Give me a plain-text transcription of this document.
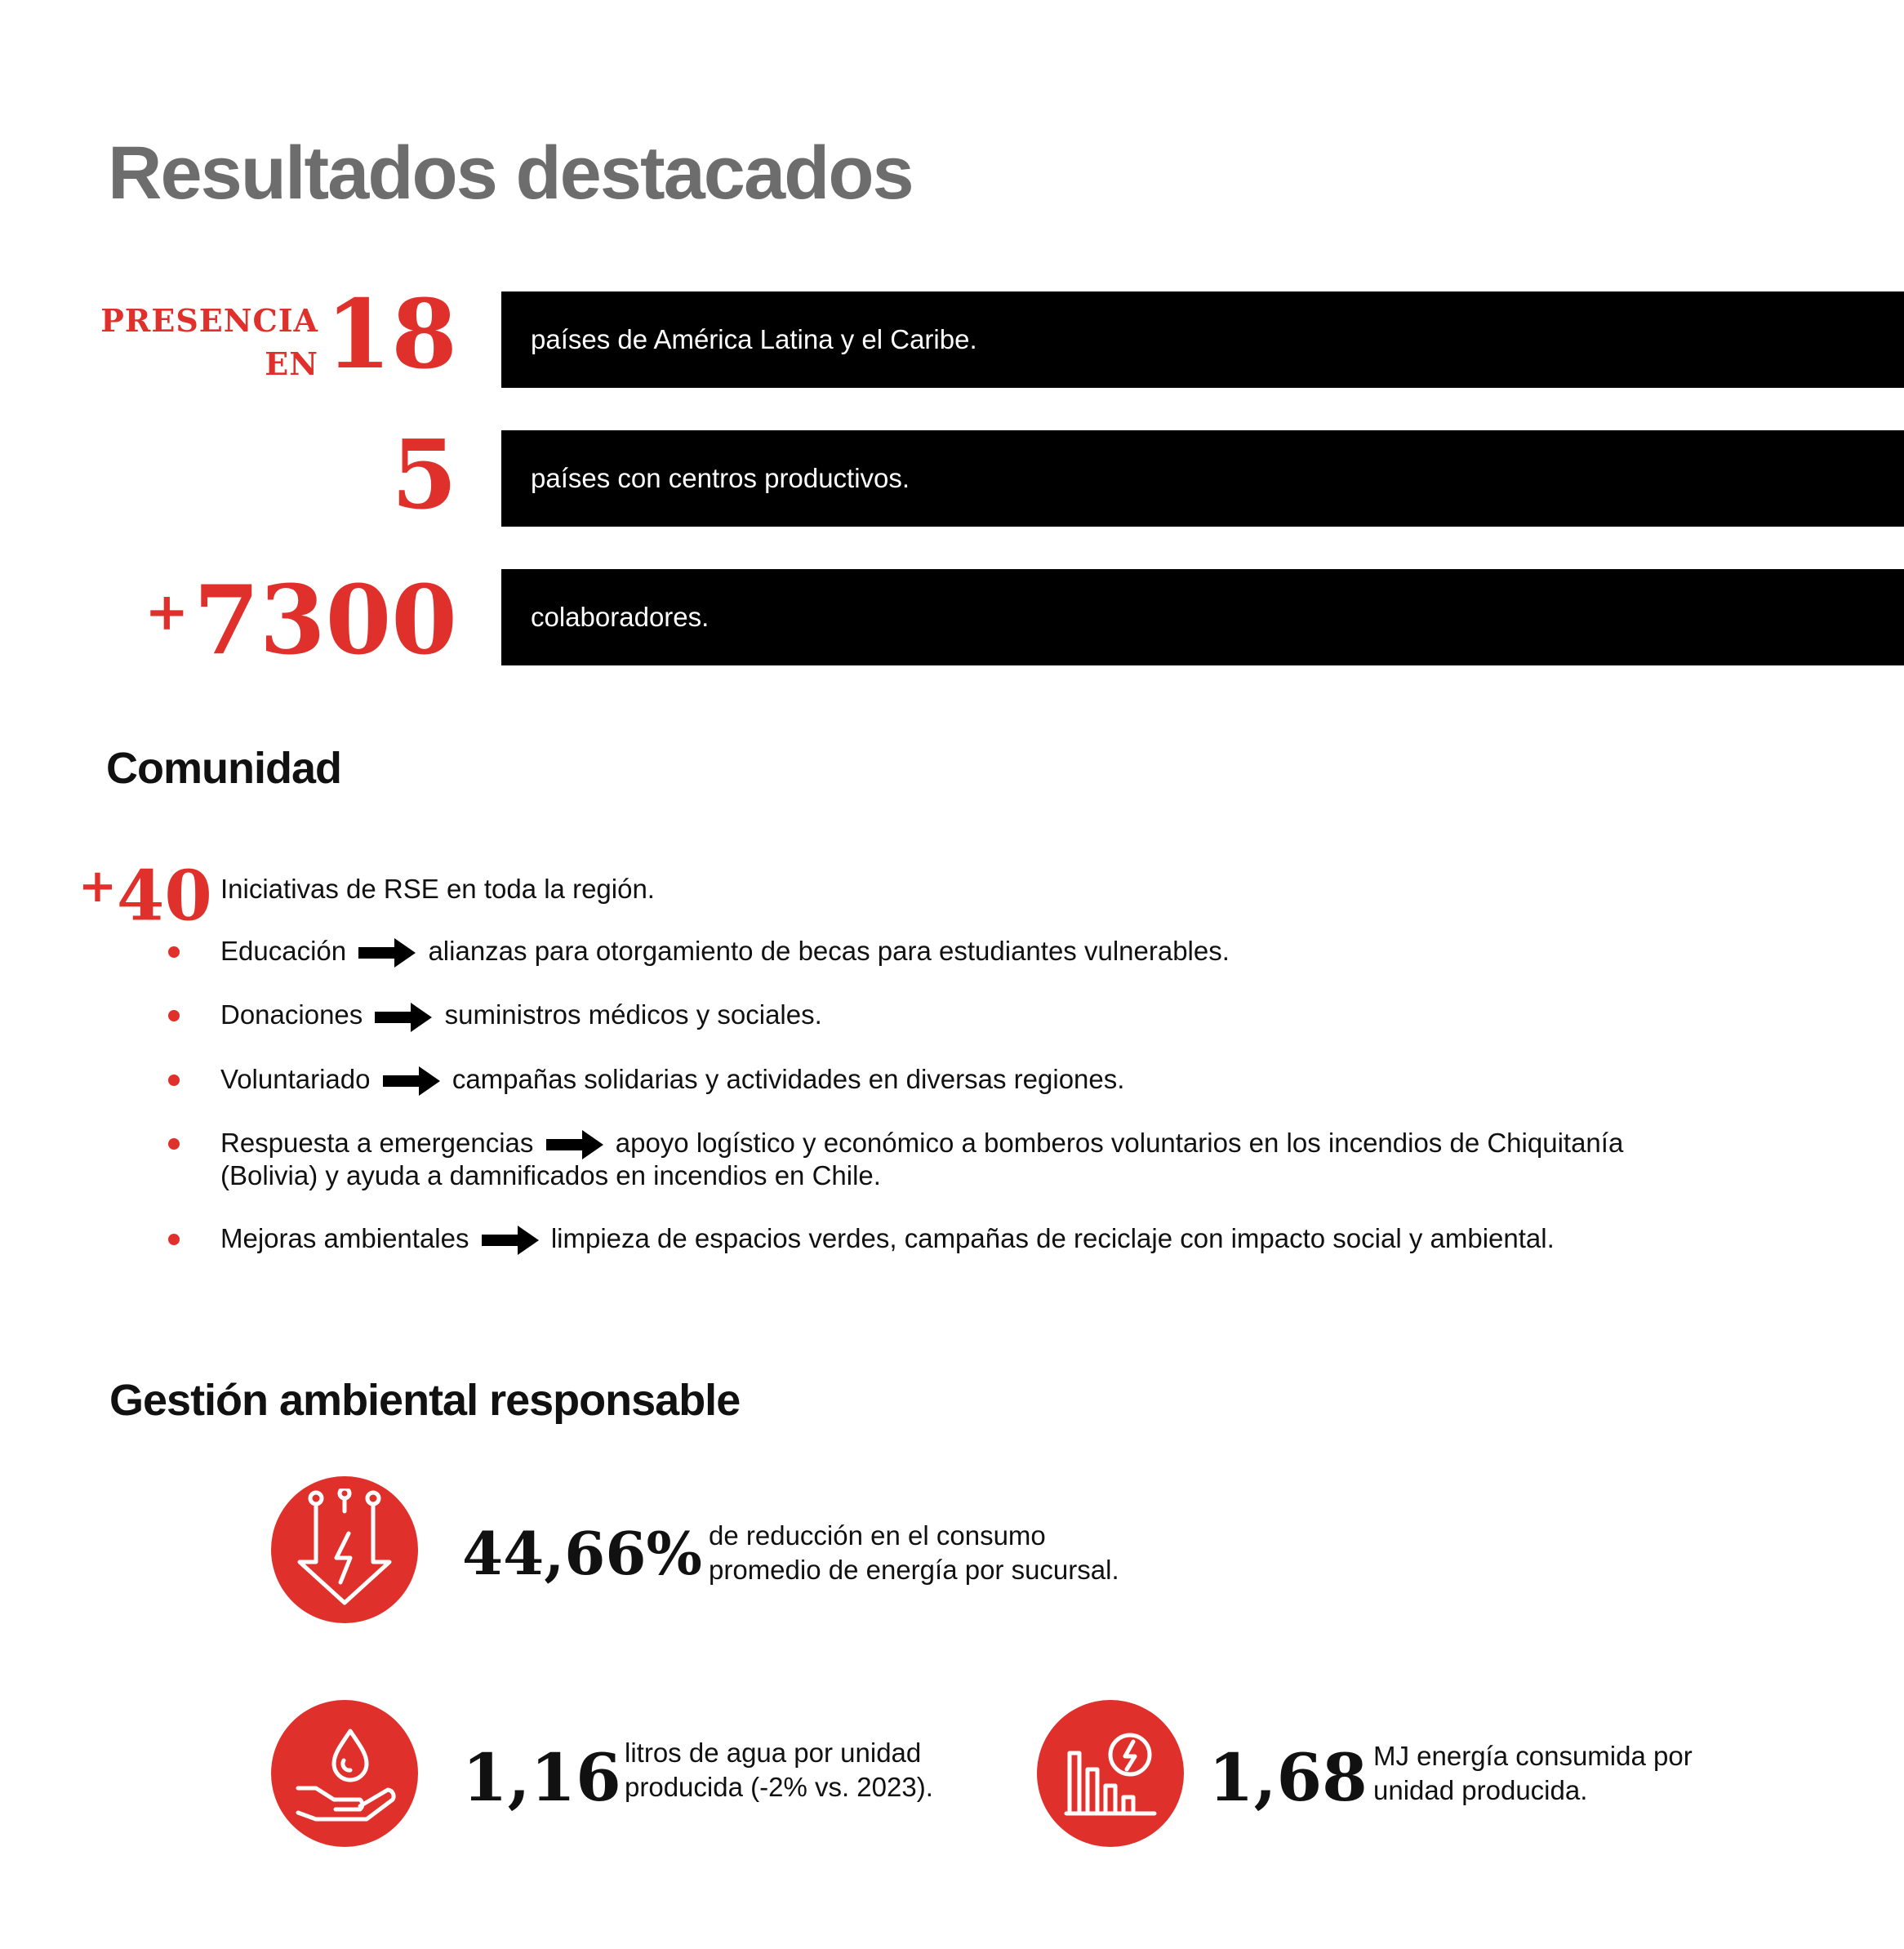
Resultados destacados
PRESENCIA
EN 18	países de América Latina y el Caribe.
5	países con centros productivos.
+7300	colaboradores.
Comunidad
+40 Iniciativas de RSE en toda la región.
Educación	alianzas para otorgamiento de becas para estudiantes vulnerables.
Donaciones	suministros médicos y sociales.
Voluntariado	campañas solidarias y actividades en diversas regiones.
Respuesta a emergencias	apoyo logístico y económico a bomberos voluntarios en los incendios de Chiquitanía (Bolivia) y ayuda a damnificados en incendios en Chile.
Mejoras ambientales	limpieza de espacios verdes, campañas de reciclaje con impacto social y ambiental.
Gestión ambiental responsable
44,66% de reducción en el consumo
promedio de energía por sucursal.
1,16 litros de agua por unidad
producida (-2% vs. 2023).	1,68 MJ energía consumida por
unidad producida.
